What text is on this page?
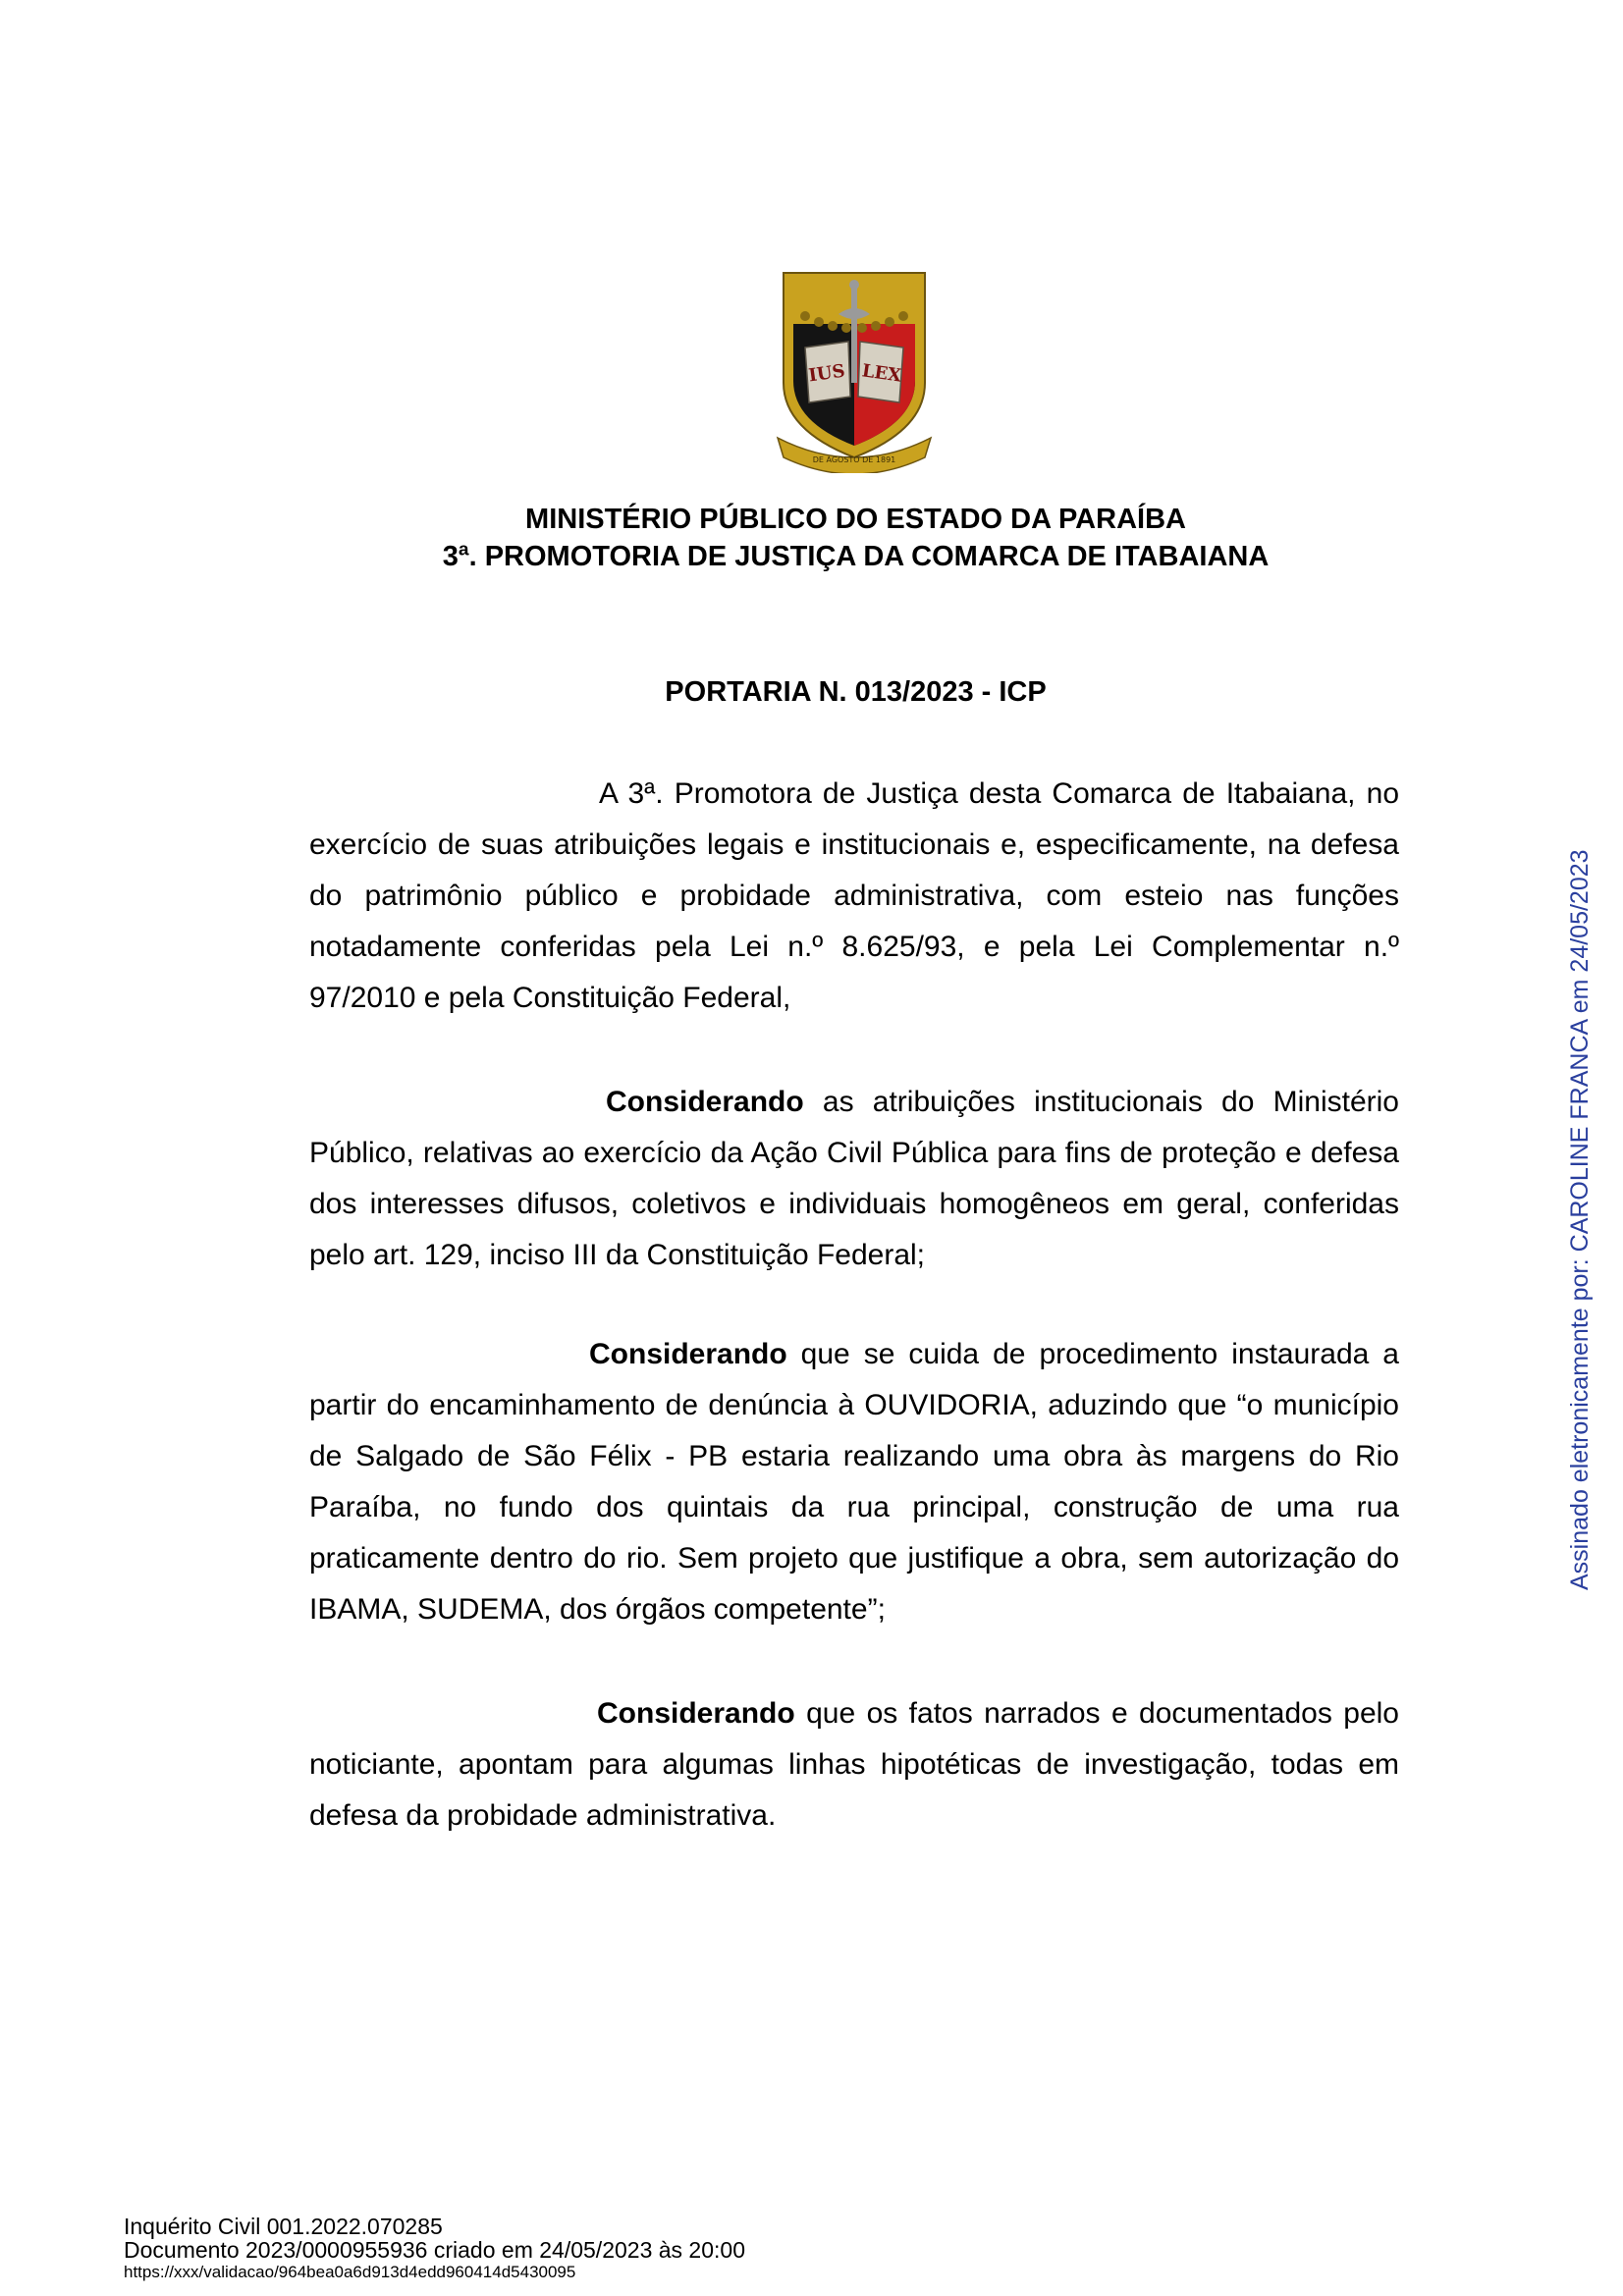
IUS LEX
DE AGOSTO DE 1891
MINISTÉRIO PÚBLICO DO ESTADO DA PARAÍBA
3ª. PROMOTORIA DE JUSTIÇA DA COMARCA DE ITABAIANA
PORTARIA N. 013/2023 - ICP

A 3ª. Promotora de Justiça desta Comarca de Itabaiana, no exercício de suas atribuições legais e institucionais e, especificamente, na defesa do patrimônio público e probidade administrativa, com esteio nas funções notadamente conferidas pela Lei n.º 8.625/93, e pela Lei Complementar n.º 97/2010 e pela Constituição Federal,

Considerando as atribuições institucionais do Ministério Público, relativas ao exercício da Ação Civil Pública para fins de proteção e defesa dos interesses difusos, coletivos e individuais homogêneos em geral, conferidas pelo art. 129, inciso III da Constituição Federal;

Considerando que se cuida de procedimento instaurada a partir do encaminhamento de denúncia à OUVIDORIA, aduzindo que “o município de Salgado de São Félix - PB estaria realizando uma obra às margens do Rio Paraíba, no fundo dos quintais da rua principal, construção de uma rua praticamente dentro do rio. Sem projeto que justifique a obra, sem autorização do IBAMA, SUDEMA, dos órgãos competente”;

Considerando que os fatos narrados e documentados pelo noticiante, apontam para algumas linhas hipotéticas de investigação, todas em defesa da probidade administrativa.

Assinado eletronicamente por: CAROLINE FRANCA em 24/05/2023
Inquérito Civil 001.2022.070285
Documento 2023/0000955936 criado em 24/05/2023 às 20:00
https://xxx/validacao/964bea0a6d913d4edd960414d5430095
